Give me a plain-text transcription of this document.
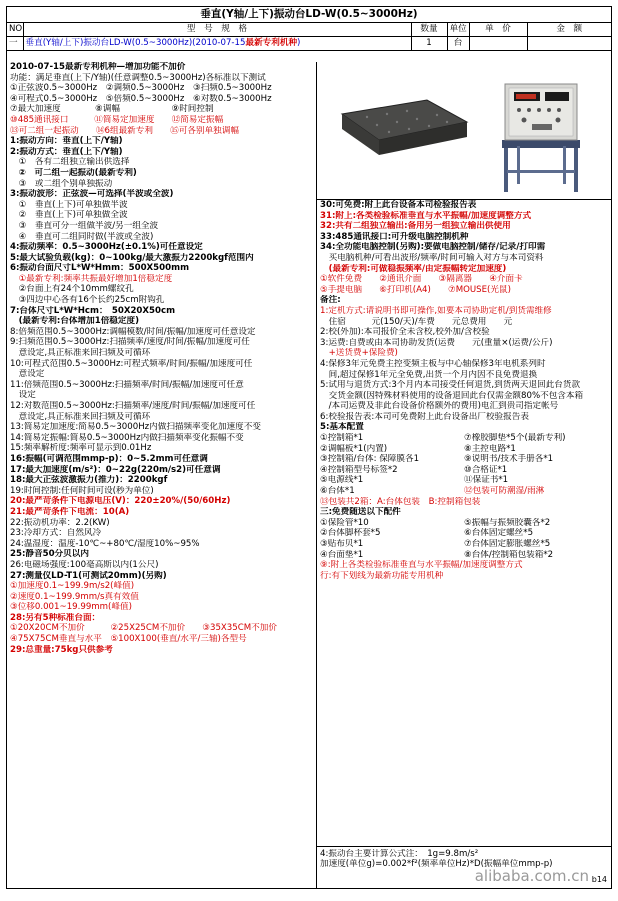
垂直(Y轴/上下)振动台LD-W(0.5~3000Hz)
NO	型　号　规　格	数量	单位	单　价	金　额
一	垂直(Y轴/上下)振动台LD-W(0.5~3000Hz)(2010-07-15最新专利机种)	1	台		
2010-07-15最新专利机种—增加功能不加价
功能：满足垂直(上下/Y轴)(任意调整0.5~3000Hz)各标准以下测试
①正弦波0.5~3000Hz　②调频0.5~3000Hz　③扫频0.5~3000Hz
④可程式0.5~3000Hz　⑤倍频0.5~3000Hz　⑥对数0.5~3000Hz
⑦最大加速度　　　　⑧调幅　　　　　　⑨时间控制
⑩485通讯接口　　　⑪简易定加速度　　⑫简易定振幅
⑬可二组一起振动　　⑭6组最新专利　　⑮可各别单独调幅
1:振动方向：垂直(上下/Y轴)
2:振动方式：垂直(上下/Y轴)
　①　各有二组独立输出供选择
　②　可二组一起振动(最新专利)
　③　或二组个别单独振动
3:振动波形：正弦波—可选择(半波或全波)
　①　垂直(上下)可单独做半波
　②　垂直(上下)可单独做全波
　③　垂直可分一组做半波/另一组全波
　④　垂直可二组同时做(半波或全波)
4:振动频率：0.5~3000Hz(±0.1%)可任意设定
5:最大试验负载(kg)：0~100kg/最大激振力2200kgf范围内
6:振动台面尺寸L*W*Hmm：500X500mm
　①最新专利:频率共振最好增加1倍稳定度
　②台面上有24个10mm螺纹孔
　③四边中心各有16个长约25cm附钩孔
7:台体尺寸L*W*Hcm：　50X20X50cm
　(最新专利:台体增加1倍稳定度)
8:倍频范围0.5~3000Hz:调幅模数/时间/振幅/加速度可任意设定
9:扫频范围0.5~3000Hz:扫描频率/速度/时间/振幅/加速度可任
　意设定,具正标准来回扫频及可循环
10:可程式范围0.5~3000Hz:可程式频率/时间/振幅/加速度可任
　意设定
11:倍频范围0.5~3000Hz:扫描频率/时间/振幅/加速度可任意
　设定
12:对数范围0.5~3000Hz:扫描频率/速度/时间/振幅/加速度可任
　意设定,具正标准来回扫频及可循环
13:简易定加速度:简易0.5~3000Hz内做扫描频率变化加速度不变
14:简易定振幅:简易0.5~3000Hz内做扫描频率变化振幅不变
15:频率解析度:频率可显示到0.01Hz
16:振幅(可调范围mmp-p)：0~5.2mm可任意调
17:最大加速度(m/s²)：0~22g(220m/s2)可任意调
18:最大正弦波激振力(推力)：2200kgf
19:时间控制:任何时间可设(秒为单位)
20:最严苛条件下电源电压(V)：220±20%/(50/60Hz)
21:最严苛条件下电流：10(A)
22:振动机功率：2.2(KW)
23:冷却方式：自然风冷
24:温湿度：温度-10℃~+80℃/湿度10%~95%
25:静音50分贝以内
26:电磁场强度:100毫高斯以内(1公尺)
27:测量仪LD-T1(可测试20mm)(另购)
①加速度0.1~199.9m/s2(峰值)
②速度0.1~199.9mm/s真有效值
③位移0.001~19.99mm(峰值)
28:另有5种标准台面：
①20X20CM不加价　　　②25X25CM不加价　　③35X35CM不加价
④75X75CM垂直与水平　⑤100X100(垂直/水平/三轴)各型号
29:总重量:75kg只供参考
30:可免费:附上此台设备本司检验报告表
31:附上:各类检验标准垂直与水平振幅/加速度调整方式
32:共有二组独立输出:备用另一组独立输出供使用
33:485通讯接口:可升级电脑控制机种
34:全功能电脑控制(另购):要做电脑控制/储存/记录/打印需
　买电脑机种/可看出波形/频率/时间可输入对方与本司资料
　(最新专利:可做稳振频率/由定振幅转定加速度)
①软件免费　　②通讯介面　　③隔离器　　④介面卡
⑤手提电脑　　⑥打印机(A4)　　⑦MOUSE(光鼠)
备注:
1:定机方式:请说明书即可操作,如要本司协助定机/到货需维修
　住宿　　　元(150/天)/车费　　元总费用　　元
2:校(外加):本司报价全未含校,校外加/含校验
3:运费:自费或由本司协助发货(运费　　元(重量×(运费/公斤)
　+送货费+保险费)
4:保修3年元免费主控变频主板与中心轴保修3年电机系列时
　间,超过保修1年元全免费,出货一个月内因不良免费退换
5:试用与退货方式:3个月内本司接受任何退货,到货两天退回此台货款
　交货金额(因特殊材料使用的设备退回此台仅需金额80%不包含本箱
　/本司运费及非此台设备价格额外的费用)电汇到贵司指定帐号
6:校验报告表:本司可免费附上此台设备出厂校验报告表
5:基本配置
①控制箱*1	⑦橡胶脚垫*5个(最新专利)
②调幅板*1(内置)	⑧主控电路*1
③控制箱/台体: 保障膜各1	⑨说明书/技术手册各*1
④控制箱型号标签*2	⑩合格证*1
⑤电源线*1	⑪保证书*1
⑥台体*1	⑫包装可防潮湿/雨淋
⑬包装共2箱：A:台体包装　B:控制箱包装
三:免费随送以下配件
①保险管*10	⑤振幅与振频胶囊各*2
②台体脚杯套*5	⑥台体固定螺丝*5
③贴布贝*1	⑦台体固定膨胀螺丝*5
④台面垫*1	⑧台体/控制箱包装箱*2
⑨:附上各类检验标准垂直与水平振幅/加速度调整方式
行:有下划线为最新功能专用机种
4:振动台主要计算公式注：　1g=9.8m/s²
加速度(单位g)=0.002*f²(频率单位Hz)*D(振幅单位mmp-p)
alibaba.com.cn b14
